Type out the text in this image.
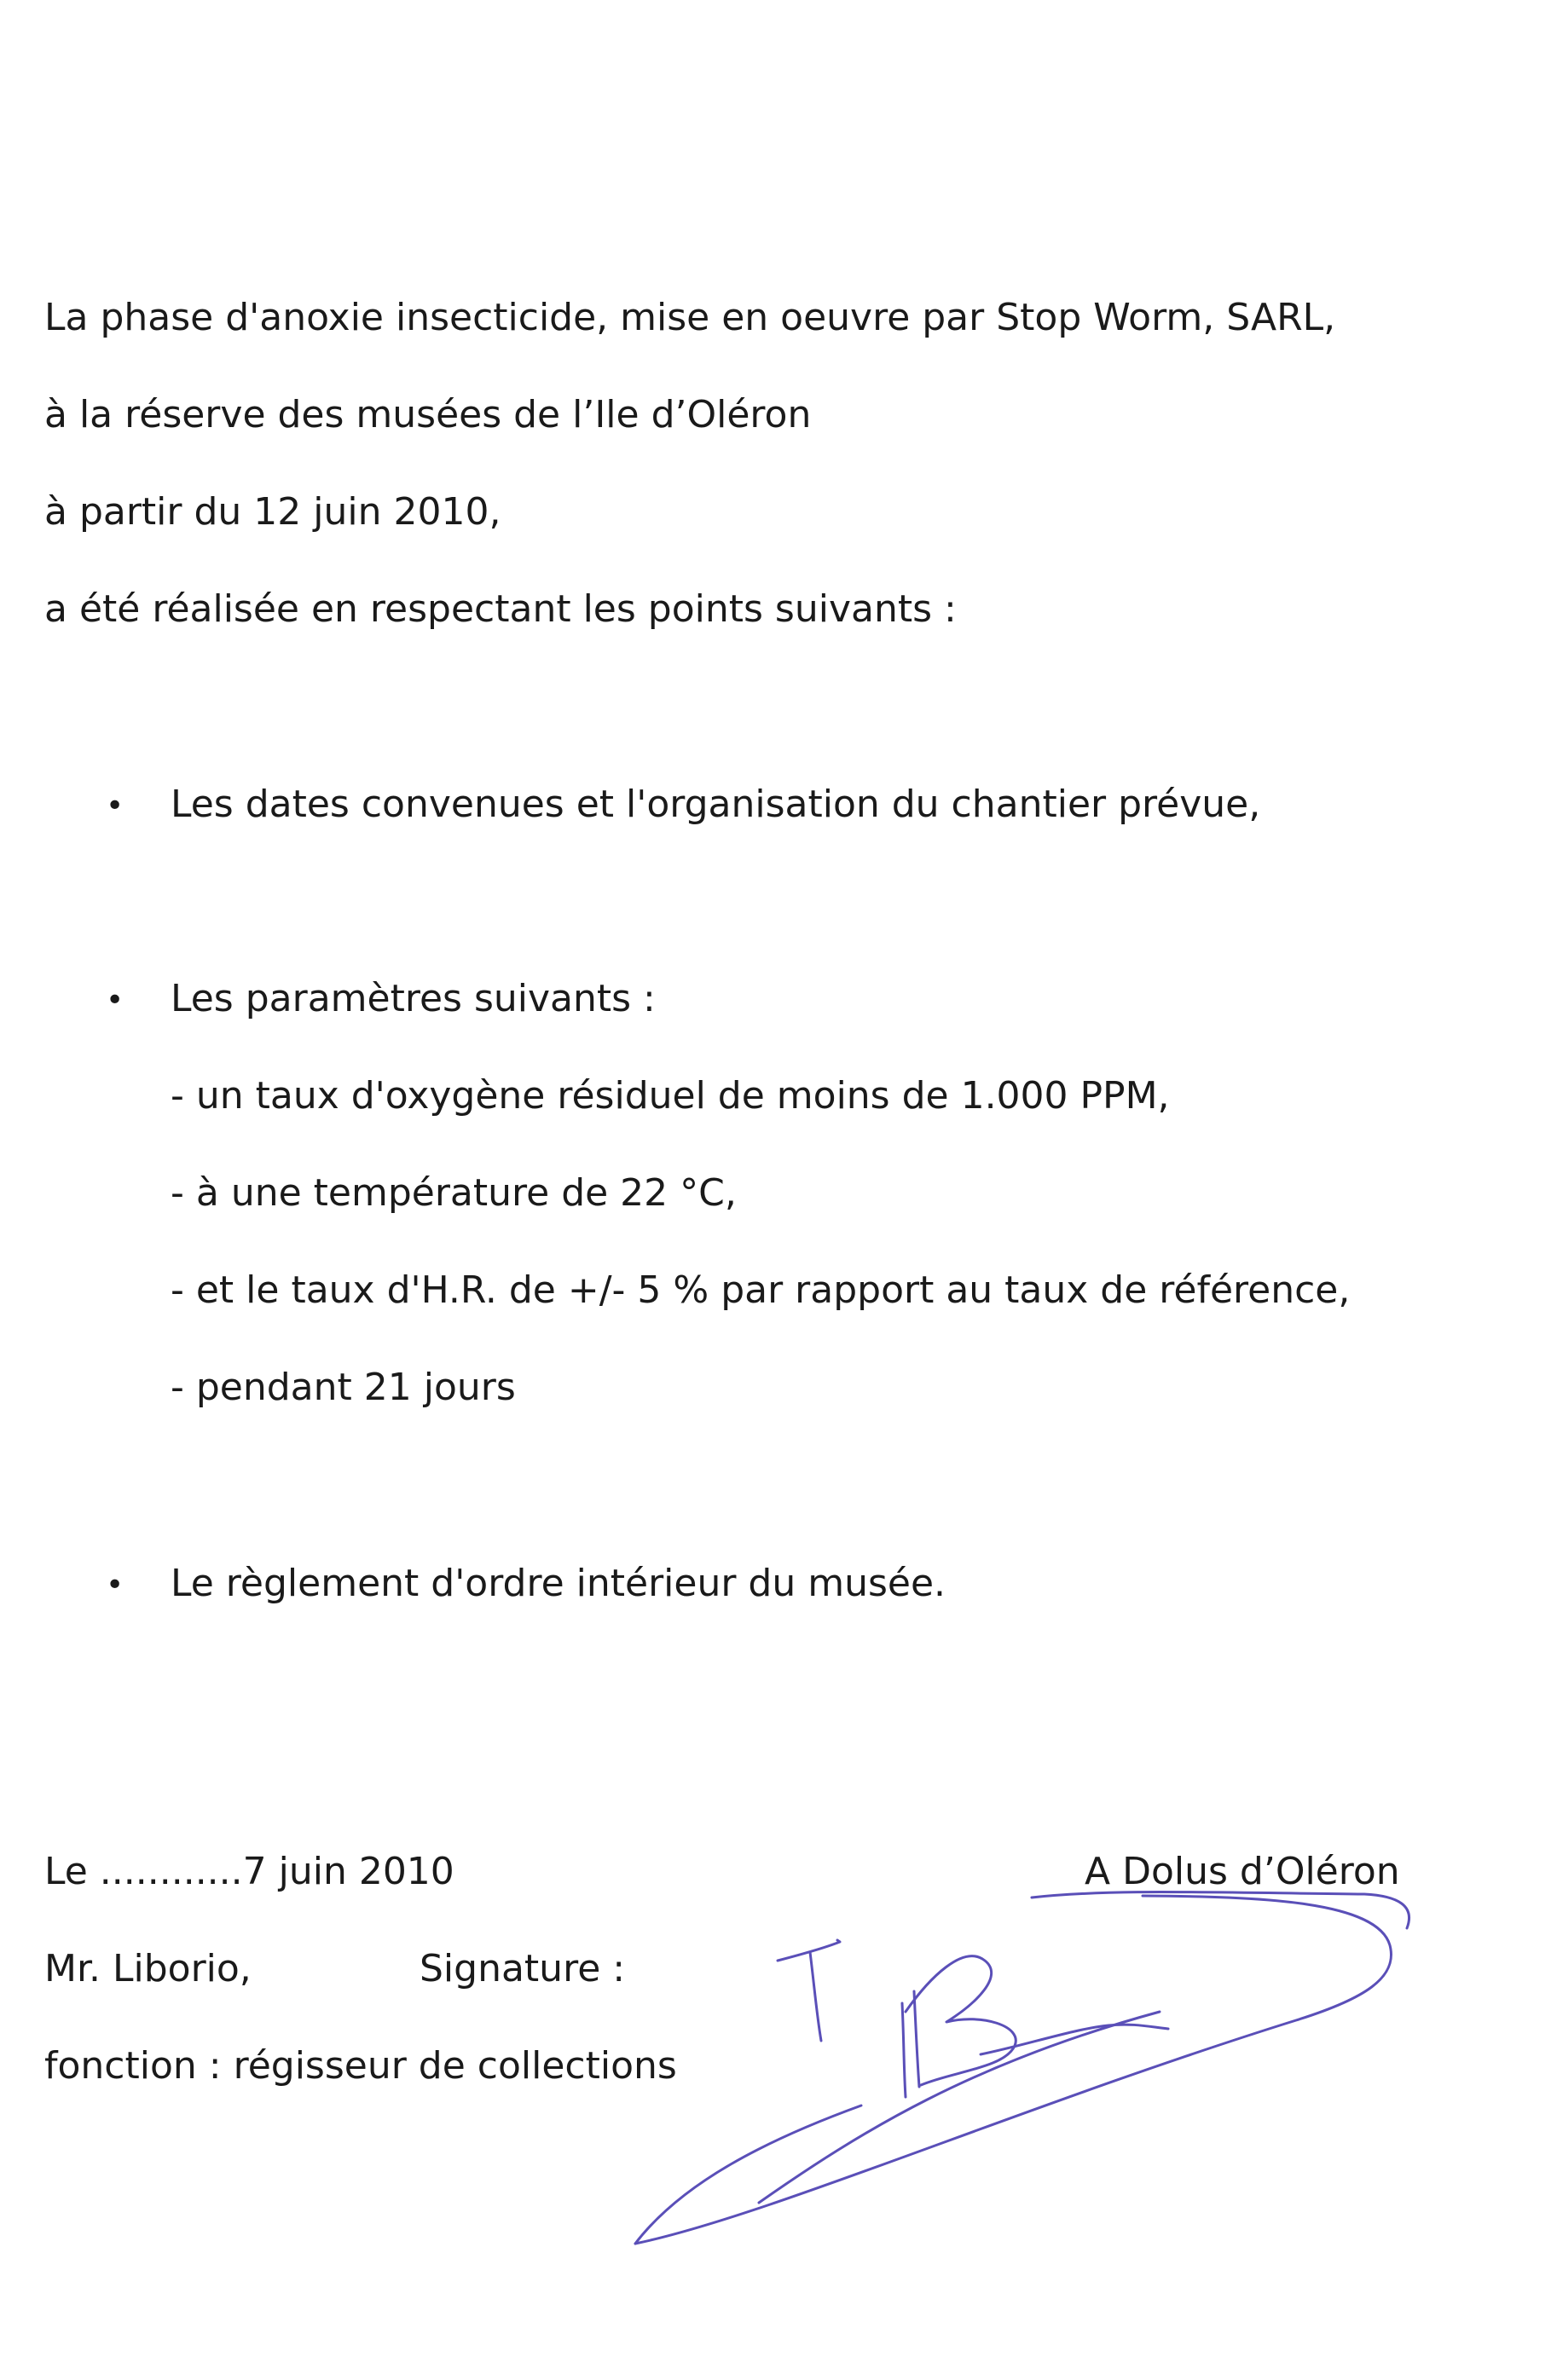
La phase d'anoxie insecticide, mise en oeuvre par Stop Worm, SARL,

à la réserve des musées de l’Ile d’Oléron

à partir du 12 juin 2010,

a été réalisée en respectant les points suivants :

• Les dates convenues et l'organisation du chantier prévue,

• Les paramètres suivants :

- un taux d'oxygène résiduel de moins de 1.000 PPM,

- à une température de 22 °C,

- et le taux d'H.R. de +/- 5 % par rapport au taux de référence,

- pendant 21 jours

• Le règlement d'ordre intérieur du musée.

Le ............7 juin 2010	A Dolus d’Oléron

Mr. Liborio,	Signature :

fonction : régisseur de collections
